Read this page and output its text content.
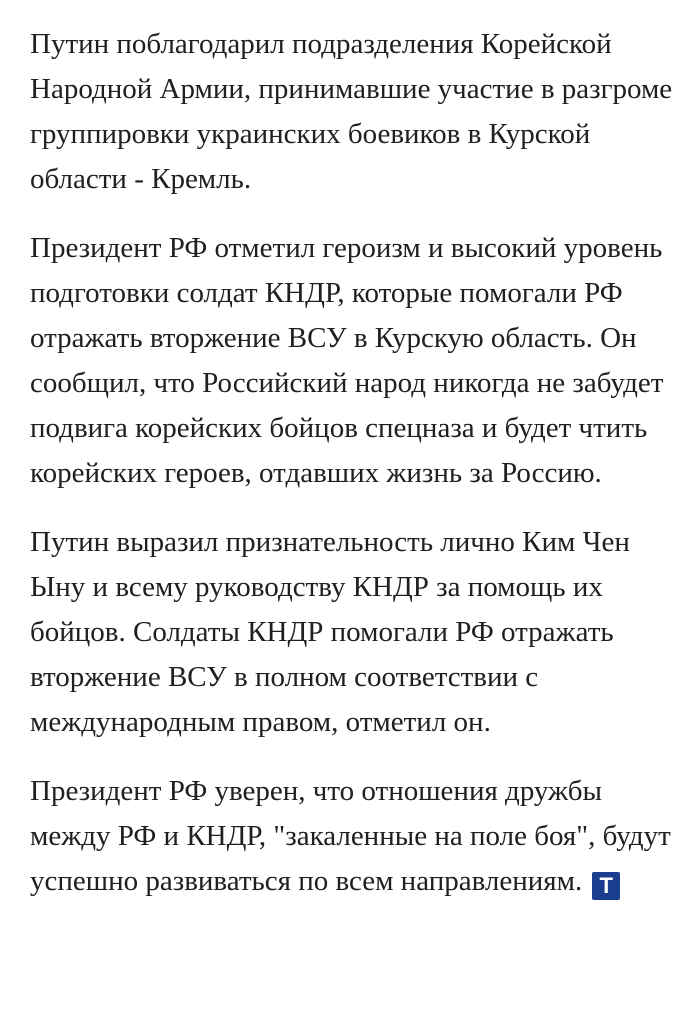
Путин поблагодарил подразделения Корейской Народной Армии, принимавшие участие в разгроме группировки украинских боевиков в Курской области - Кремль.

Президент РФ отметил героизм и высокий уровень подготовки солдат КНДР, которые помогали РФ отражать вторжение ВСУ в Курскую область. Он сообщил, что Российский народ никогда не забудет подвига корейских бойцов спецназа и будет чтить корейских героев, отдавших жизнь за Россию.

Путин выразил признательность лично Ким Чен Ыну и всему руководству КНДР за помощь их бойцов. Солдаты КНДР помогали РФ отражать вторжение ВСУ в полном соответствии с международным правом, отметил он.

Президент РФ уверен, что отношения дружбы между РФ и КНДР, "закаленные на поле боя", будут успешно развиваться по всем направлениям. Т
